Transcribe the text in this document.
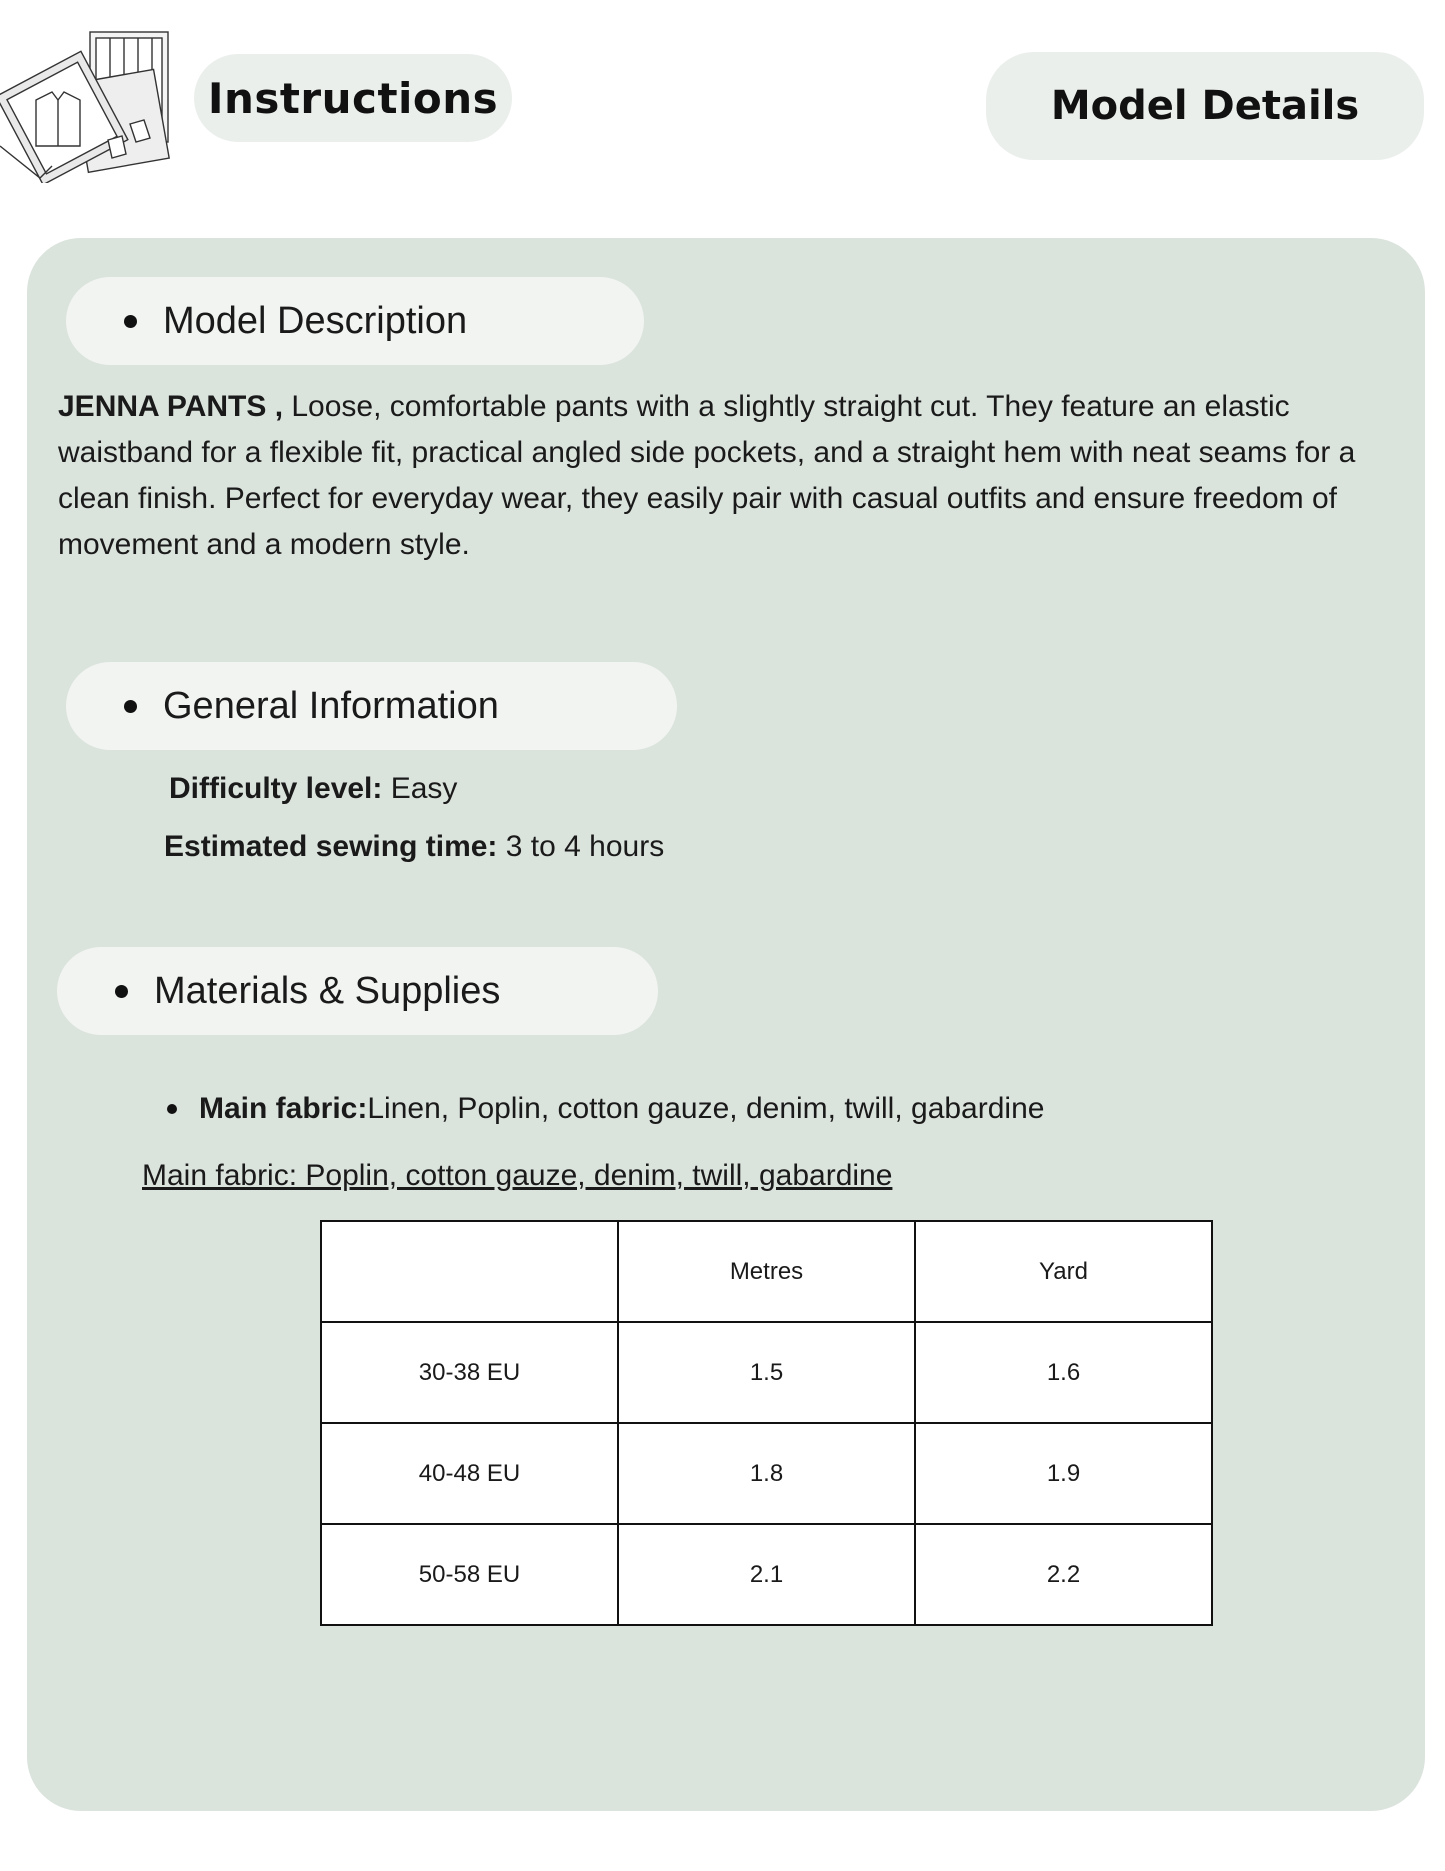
Instructions	Model Details
Model Description
JENNA PANTS , Loose, comfortable pants with a slightly straight cut. They feature an elastic waistband for a flexible fit, practical angled side pockets, and a straight hem with neat seams for a clean finish. Perfect for everyday wear, they easily pair with casual outfits and ensure freedom of movement and a modern style.
General Information
Difficulty level: Easy
Estimated sewing time: 3 to 4 hours
Materials & Supplies
Main fabric: Linen, Poplin, cotton gauze, denim, twill, gabardine
Main fabric: Poplin, cotton gauze, denim, twill, gabardine
	Metres	Yard
30-38 EU	1.5	1.6
40-48 EU	1.8	1.9
50-58 EU	2.1	2.2
